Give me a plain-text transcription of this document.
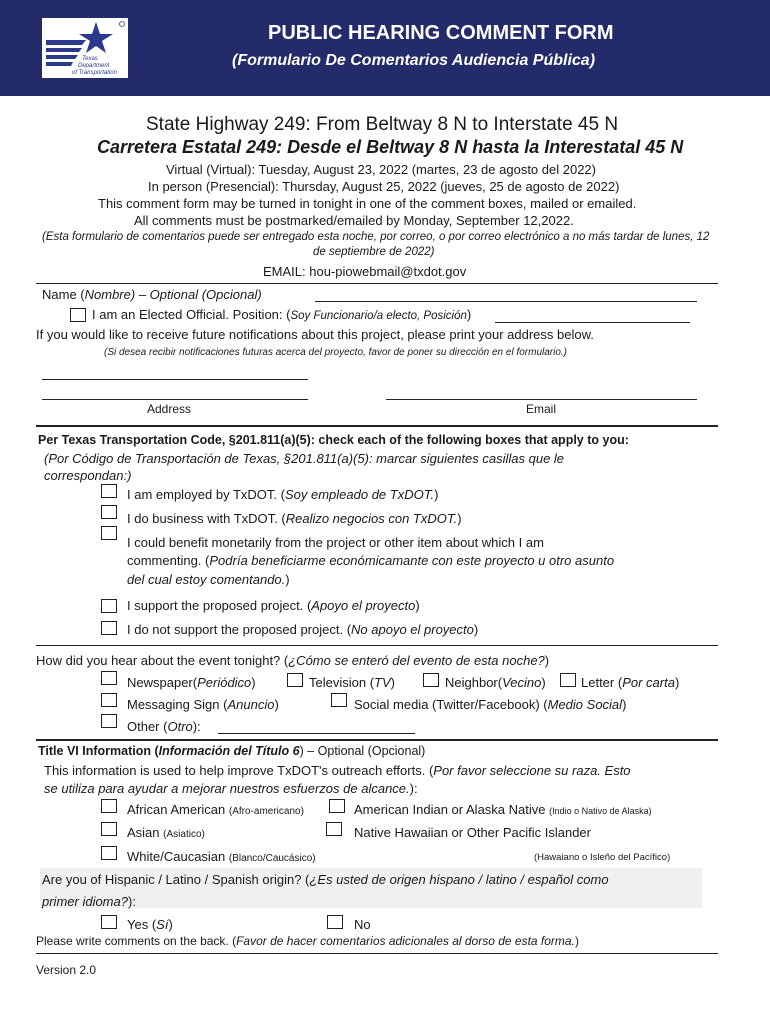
Texas
Department
of Transportation
PUBLIC HEARING COMMENT FORM
(Formulario De Comentarios Audiencia Pública)
State Highway 249: From Beltway 8 N to Interstate 45 N
Carretera Estatal 249: Desde el Beltway 8 N hasta la Interestatal 45 N
Virtual (Virtual): Tuesday, August 23, 2022 (martes, 23 de agosto del 2022)
In person (Presencial): Thursday, August 25, 2022 (jueves, 25 de agosto de 2022)
This comment form may be turned in tonight in one of the comment boxes, mailed or emailed.
All comments must be postmarked/emailed by Monday, September 12,2022.
(Esta formulario de comentarios puede ser entregado esta noche, por correo, o por correo electrónico a no más tardar de lunes, 12
de septiembre de 2022)
EMAIL: hou-piowebmail@txdot.gov
Name (Nombre) – Optional (Opcional)
I am an Elected Official. Position: (Soy Funcionario/a electo, Posición)
If you would like to receive future notifications about this project, please print your address below.
(Si desea recibir notificaciones futuras acerca del proyecto, favor de poner su dirección en el formulario.)
Address	Email
Per Texas Transportation Code, §201.811(a)(5): check each of the following boxes that apply to you:
(Por Código de Transportación de Texas, §201.811(a)(5): marcar siguientes casillas que le
correspondan:)
I am employed by TxDOT. (Soy empleado de TxDOT.)
I do business with TxDOT. (Realizo negocios con TxDOT.)
I could benefit monetarily from the project or other item about which I am
commenting. (Podría beneficiarme económicamante con este proyecto u otro asunto
del cual estoy comentando.)
I support the proposed project. (Apoyo el proyecto)
I do not support the proposed project. (No apoyo el proyecto)
How did you hear about the event tonight? (¿Cómo se enteró del evento de esta noche?)
Newspaper(Periódico)	Television (TV)	Neighbor(Vecino)	Letter (Por carta)
Messaging Sign (Anuncio)	Social media (Twitter/Facebook) (Medio Social)
Other (Otro):
Title VI Information (Información del Título 6) – Optional (Opcional)
This information is used to help improve TxDOT's outreach efforts. (Por favor seleccione su raza. Esto
se utiliza para ayudar a mejorar nuestros esfuerzos de alcance.):
African American (Afro-americano)	American Indian or Alaska Native (Indio o Nativo de Alaska)
Asian (Asiatico)	Native Hawaiian or Other Pacific Islander
White/Caucasian (Blanco/Caucásico)	(Hawaiano o Isleño del Pacífico)
Are you of Hispanic / Latino / Spanish origin? (¿Es usted de origen hispano / latino / español como
primer idioma?):
Yes (Sí)	No
Please write comments on the back. (Favor de hacer comentarios adicionales al dorso de esta forma.)
Version 2.0
